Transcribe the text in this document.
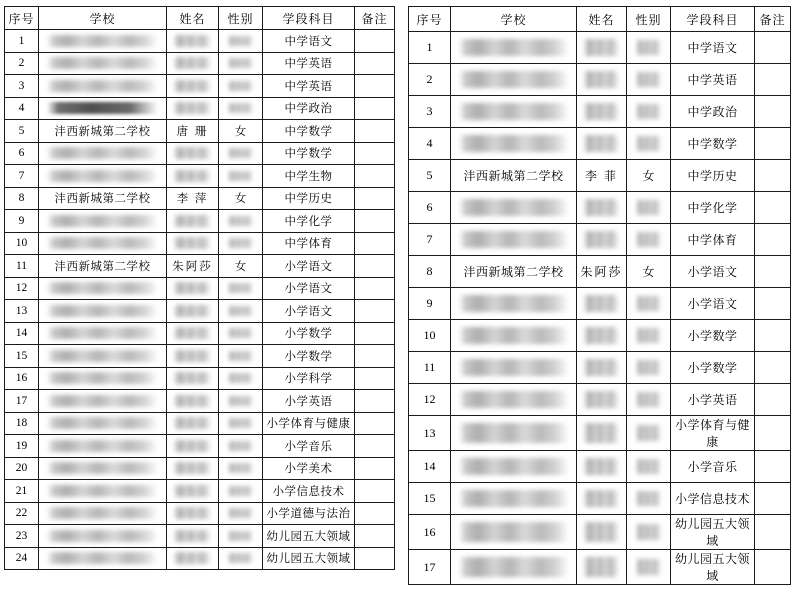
序号	学校	姓名	性别	学段科目	备注
1				中学语文	
2				中学英语	
3				中学英语	
4				中学政治	
5	沣西新城第二学校	唐 珊	女	中学数学	
6				中学数学	
7				中学生物	
8	沣西新城第二学校	李 萍	女	中学历史	
9				中学化学	
10				中学体育	
11	沣西新城第二学校	朱阿莎	女	小学语文	
12				小学语文	
13				小学语文	
14				小学数学	
15				小学数学	
16				小学科学	
17				小学英语	
18				小学体育与健康	
19				小学音乐	
20				小学美术	
21				小学信息技术	
22				小学道德与法治	
23				幼儿园五大领域	
24				幼儿园五大领域	
序号	学校	姓名	性别	学段科目	备注
1				中学语文	
2				中学英语	
3				中学政治	
4				中学数学	
5	沣西新城第二学校	李 菲	女	中学历史	
6				中学化学	
7				中学体育	
8	沣西新城第二学校	朱阿莎	女	小学语文	
9				小学语文	
10				小学数学	
11				小学数学	
12				小学英语	
13				小学体育与健康	
14				小学音乐	
15				小学信息技术	
16				幼儿园五大领域	
17				幼儿园五大领域	
